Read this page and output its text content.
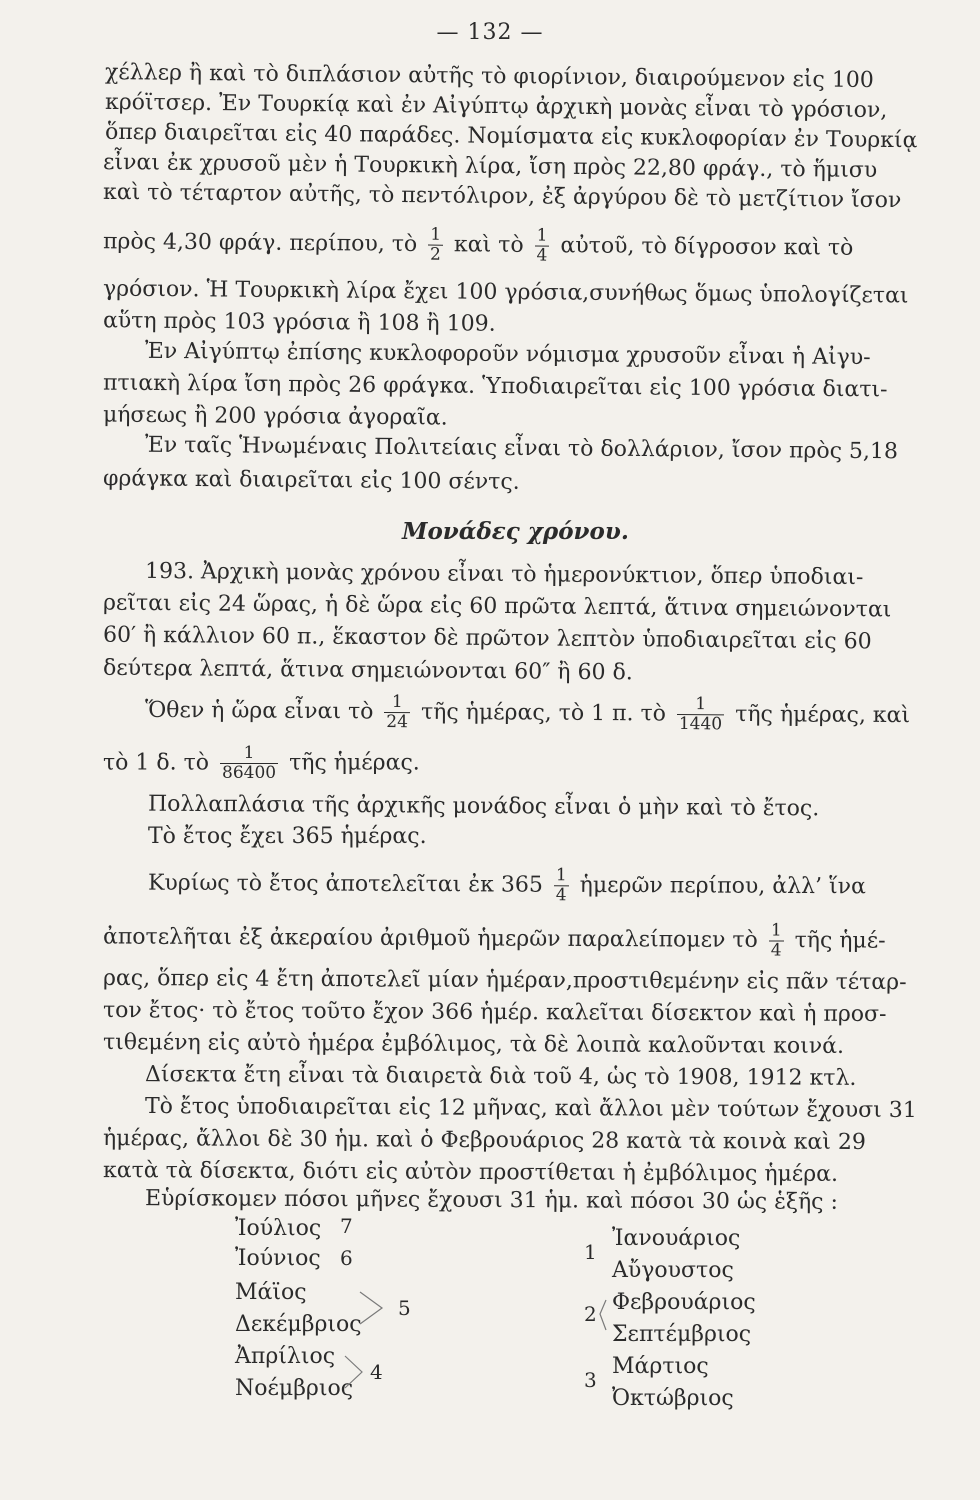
— 132 —
χέλλερ ἢ καὶ τὸ διπλάσιον αὐτῆς τὸ φιορίνιον, διαιρούμενον εἰς 100
κρόϊτσερ. Ἐν Τουρκίᾳ καὶ ἐν Αἰγύπτῳ ἀρχικὴ μονὰς εἶναι τὸ γρόσιον,
ὅπερ διαιρεῖται εἰς 40 παράδες. Νομίσματα εἰς κυκλοφορίαν ἐν Τουρκίᾳ
εἶναι ἐκ χρυσοῦ μὲν ἡ Τουρκικὴ λίρα, ἴση πρὸς 22,80 φράγ., τὸ ἥμισυ
καὶ τὸ τέταρτον αὐτῆς, τὸ πεντόλιρον, ἐξ ἀργύρου δὲ τὸ μετζίτιον ἴσον
πρὸς 4,30 φράγ. περίπου, τὸ $\frac{1}{2}$ καὶ τὸ $\frac{1}{4}$ αὐτοῦ, τὸ δίγροσον καὶ τὸ
γρόσιον. Ἡ Τουρκικὴ λίρα ἔχει 100 γρόσια,συνήθως ὅμως ὑπολογίζεται
αὕτη πρὸς 103 γρόσια ἢ 108 ἢ 109.
Ἐν Αἰγύπτῳ ἐπίσης κυκλοφοροῦν νόμισμα χρυσοῦν εἶναι ἡ Αἰγυ-
πτιακὴ λίρα ἴση πρὸς 26 φράγκα. Ὑποδιαιρεῖται εἰς 100 γρόσια διατι-
μήσεως ἢ 200 γρόσια ἀγοραῖα.
Ἐν ταῖς Ἡνωμέναις Πολιτείαις εἶναι τὸ δολλάριον, ἴσον πρὸς 5,18
φράγκα καὶ διαιρεῖται εἰς 100 σέντς.
Μονάδες χρόνου.
193. Ἀρχικὴ μονὰς χρόνου εἶναι τὸ ἡμερονύκτιον, ὅπερ ὑποδιαι-
ρεῖται εἰς 24 ὥρας, ἡ δὲ ὥρα εἰς 60 πρῶτα λεπτά, ἅτινα σημειώνονται
60′ ἢ κάλλιον 60 π., ἕκαστον δὲ πρῶτον λεπτὸν ὑποδιαιρεῖται εἰς 60
δεύτερα λεπτά, ἅτινα σημειώνονται 60″ ἢ 60 δ.
Ὅθεν ἡ ὥρα εἶναι τὸ $\frac{1}{24}$ τῆς ἡμέρας, τὸ 1 π. τὸ $\frac{1}{1440}$ τῆς ἡμέρας, καὶ
τὸ 1 δ. τὸ $\frac{1}{86400}$ τῆς ἡμέρας.
Πολλαπλάσια τῆς ἀρχικῆς μονάδος εἶναι ὁ μὴν καὶ τὸ ἔτος.
Τὸ ἔτος ἔχει 365 ἡμέρας.
Κυρίως τὸ ἔτος ἀποτελεῖται ἐκ $365 \frac{1}{4}$ ἡμερῶν περίπου, ἀλλ’ ἵνα
ἀποτελῆται ἐξ ἀκεραίου ἀριθμοῦ ἡμερῶν παραλείπομεν τὸ $\frac{1}{4}$ τῆς ἡμέ-
ρας, ὅπερ εἰς 4 ἔτη ἀποτελεῖ μίαν ἡμέραν,προστιθεμένην εἰς πᾶν τέταρ-
τον ἔτος· τὸ ἔτος τοῦτο ἔχον 366 ἡμέρ. καλεῖται δίσεκτον καὶ ἡ προσ-
τιθεμένη εἰς αὐτὸ ἡμέρα ἐμβόλιμος, τὰ δὲ λοιπὰ καλοῦνται κοινά.
Δίσεκτα ἔτη εἶναι τὰ διαιρετὰ διὰ τοῦ 4, ὡς τὸ 1908, 1912 κτλ.
Τὸ ἔτος ὑποδιαιρεῖται εἰς 12 μῆνας, καὶ ἄλλοι μὲν τούτων ἔχουσι 31
ἡμέρας, ἄλλοι δὲ 30 ἡμ. καὶ ὁ Φεβρουάριος 28 κατὰ τὰ κοινὰ καὶ 29
κατὰ τὰ δίσεκτα, διότι εἰς αὐτὸν προστίθεται ἡ ἐμβόλιμος ἡμέρα.
Εὑρίσκομεν πόσοι μῆνες ἔχουσι 31 ἡμ. καὶ πόσοι 30 ὡς ἑξῆς :
Ἰούλιος 7
Ἰούνιος 6
Μάϊος
Δεκέμβριος
5
Ἀπρίλιος
Νοέμβριος
4
1
Ἰανουάριος
Αὔγουστος
2 Φεβρουάριος
Σεπτέμβριος
3
Μάρτιος
Ὀκτώβριος
